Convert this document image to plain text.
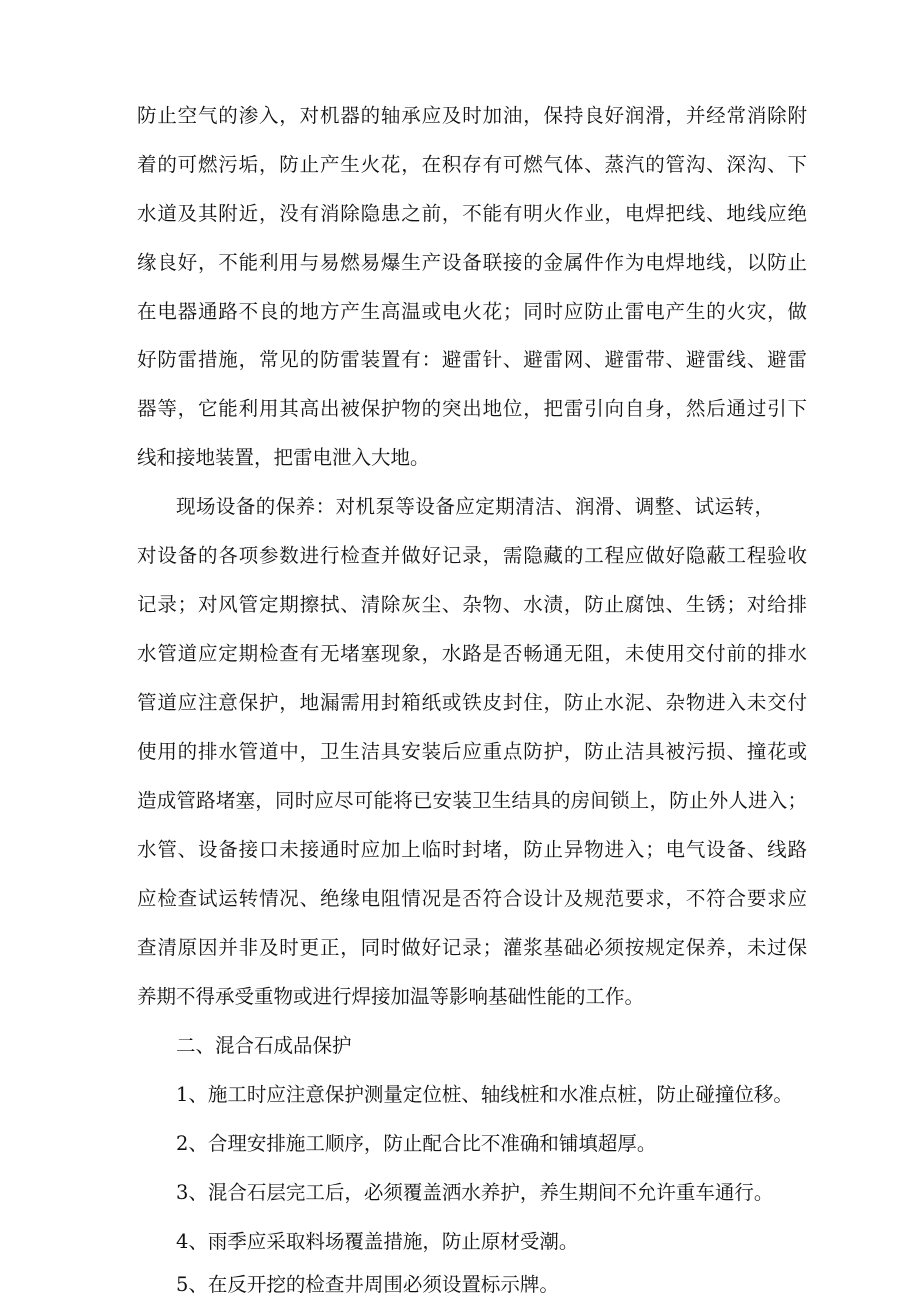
防止空气的渗入，对机器的轴承应及时加油，保持良好润滑，并经常消除附
着的可燃污垢，防止产生火花，在积存有可燃气体、蒸汽的管沟、深沟、下
水道及其附近，没有消除隐患之前，不能有明火作业，电焊把线、地线应绝
缘良好，不能利用与易燃易爆生产设备联接的金属件作为电焊地线，以防止
在电器通路不良的地方产生高温或电火花；同时应防止雷电产生的火灾，做
好防雷措施，常见的防雷装置有：避雷针、避雷网、避雷带、避雷线、避雷
器等，它能利用其高出被保护物的突出地位，把雷引向自身，然后通过引下
线和接地装置，把雷电泄入大地。
现场设备的保养：对机泵等设备应定期清洁、润滑、调整、试运转，
对设备的各项参数进行检查并做好记录，需隐藏的工程应做好隐蔽工程验收
记录；对风管定期擦拭、清除灰尘、杂物、水渍，防止腐蚀、生锈；对给排
水管道应定期检查有无堵塞现象，水路是否畅通无阻，未使用交付前的排水
管道应注意保护，地漏需用封箱纸或铁皮封住，防止水泥、杂物进入未交付
使用的排水管道中，卫生洁具安装后应重点防护，防止洁具被污损、撞花或
造成管路堵塞，同时应尽可能将已安装卫生结具的房间锁上，防止外人进入；
水管、设备接口未接通时应加上临时封堵，防止异物进入；电气设备、线路
应检查试运转情况、绝缘电阻情况是否符合设计及规范要求，不符合要求应
查清原因并非及时更正，同时做好记录；灌浆基础必须按规定保养，未过保
养期不得承受重物或进行焊接加温等影响基础性能的工作。
二、混合石成品保护
1、施工时应注意保护测量定位桩、轴线桩和水准点桩，防止碰撞位移。
2、合理安排施工顺序，防止配合比不准确和铺填超厚。
3、混合石层完工后，必须覆盖洒水养护，养生期间不允许重车通行。
4、雨季应采取料场覆盖措施，防止原材受潮。
5、在反开挖的检查井周围必须设置标示牌。
